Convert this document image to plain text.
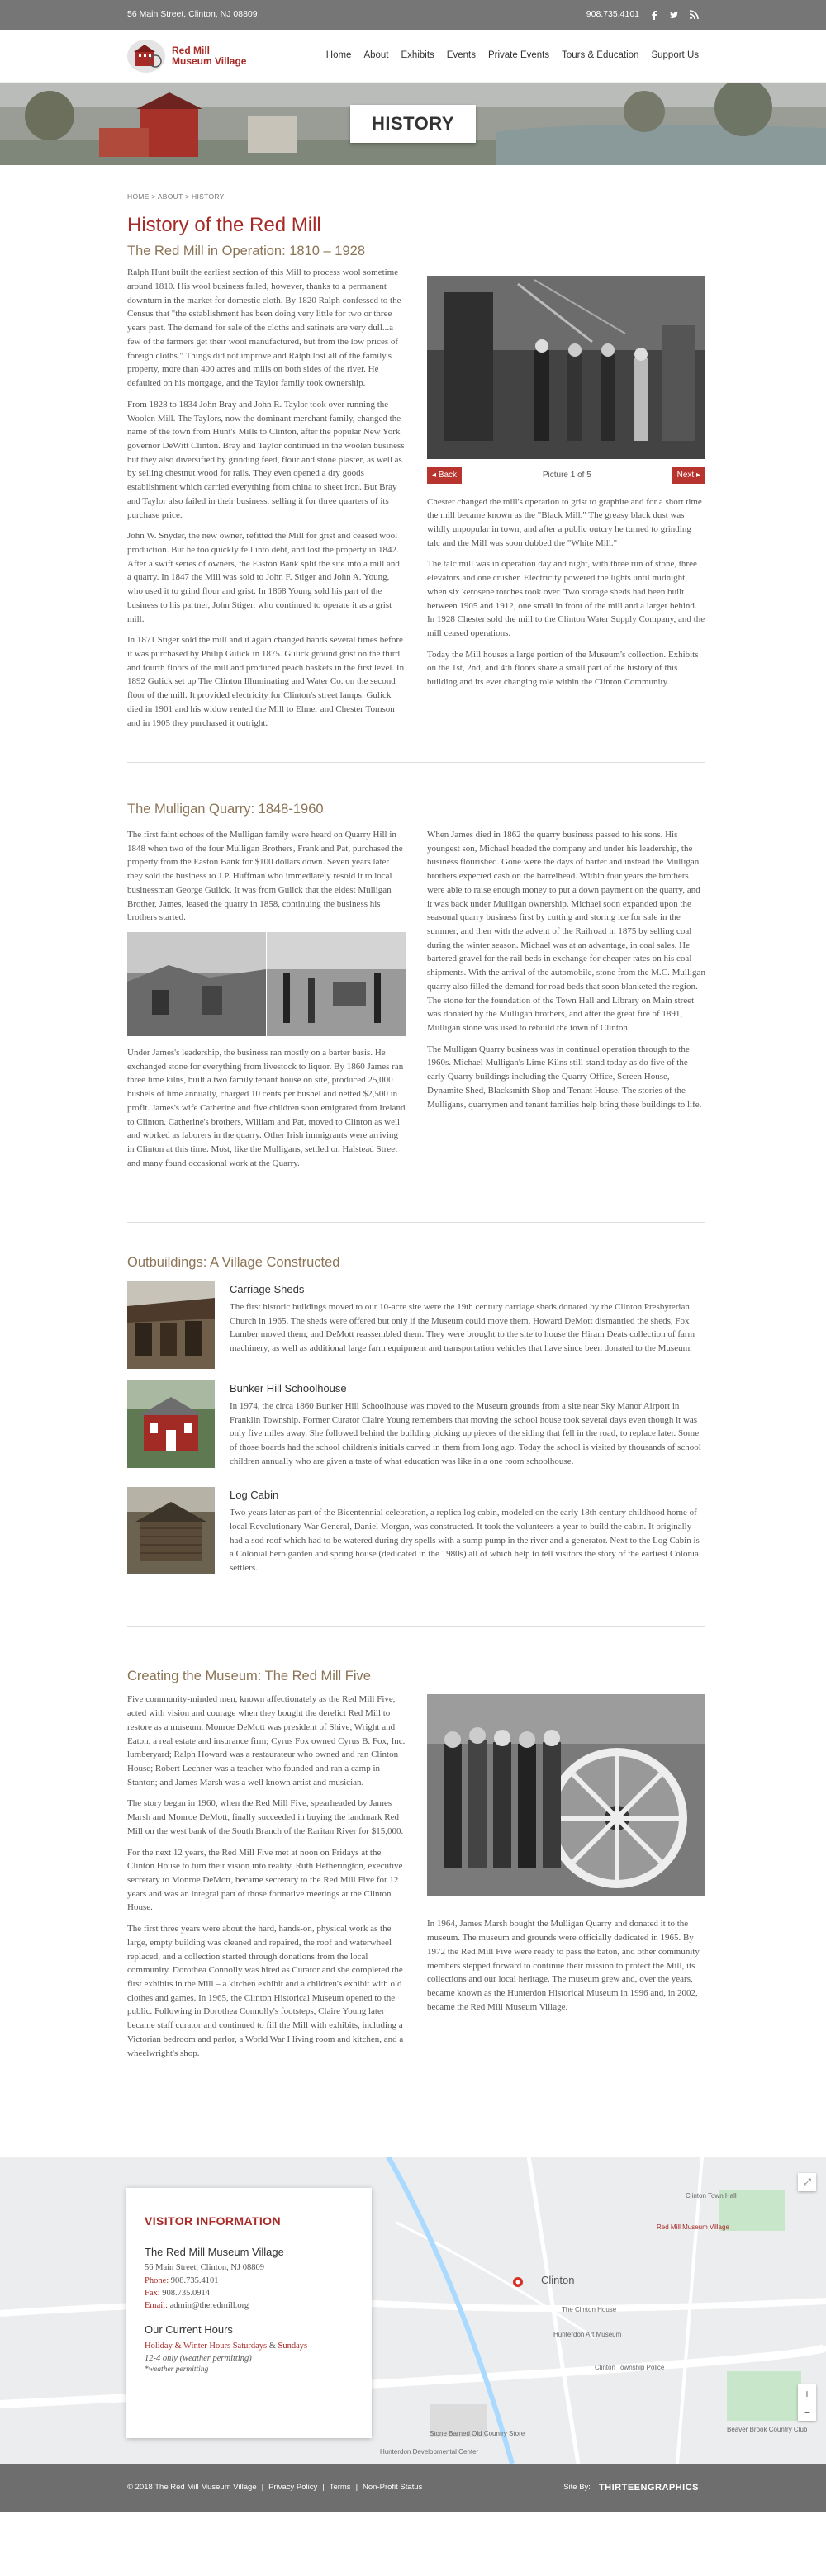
56 Main Street, Clinton, NJ 08809	908.735.4101
Red Mill
Museum Village	Home About Exhibits Events Private Events Tours & Education Support Us
HISTORY
HOME > ABOUT > HISTORY
History of the Red Mill
The Red Mill in Operation: 1810 – 1928

Ralph Hunt built the earliest section of this Mill to process wool sometime around 1810. His wool business failed, however, thanks to a permanent downturn in the market for domestic cloth. By 1820 Ralph confessed to the Census that "the establishment has been doing very little for two or three years past. The demand for sale of the cloths and satinets are very dull...a few of the farmers get their wool manufactured, but from the low prices of foreign cloths." Things did not improve and Ralph lost all of the family's property, more than 400 acres and mills on both sides of the river. He defaulted on his mortgage, and the Taylor family took ownership.

From 1828 to 1834 John Bray and John R. Taylor took over running the Woolen Mill. The Taylors, now the dominant merchant family, changed the name of the town from Hunt's Mills to Clinton, after the popular New York governor DeWitt Clinton. Bray and Taylor continued in the woolen business but they also diversified by grinding feed, flour and stone plaster, as well as by selling chestnut wood for rails. They even opened a dry goods establishment which carried everything from china to sheet iron. But Bray and Taylor also failed in their business, selling it for three quarters of its purchase price.

John W. Snyder, the new owner, refitted the Mill for grist and ceased wool production. But he too quickly fell into debt, and lost the property in 1842. After a swift series of owners, the Easton Bank split the site into a mill and a quarry. In 1847 the Mill was sold to John F. Stiger and John A. Young, who used it to grind flour and grist. In 1868 Young sold his part of the business to his partner, John Stiger, who continued to operate it as a grist mill.

In 1871 Stiger sold the mill and it again changed hands several times before it was purchased by Philip Gulick in 1875. Gulick ground grist on the third and fourth floors of the mill and produced peach baskets in the first level. In 1892 Gulick set up The Clinton Illuminating and Water Co. on the second floor of the mill. It provided electricity for Clinton's street lamps. Gulick died in 1901 and his widow rented the Mill to Elmer and Chester Tomson and in 1905 they purchased it outright.

◂ Back	Picture 1 of 5	Next ▸

Chester changed the mill's operation to grist to graphite and for a short time the mill became known as the "Black Mill." The greasy black dust was wildly unpopular in town, and after a public outcry he turned to grinding talc and the Mill was soon dubbed the "White Mill."

The talc mill was in operation day and night, with three run of stone, three elevators and one crusher. Electricity powered the lights until midnight, when six kerosene torches took over. Two storage sheds had been built between 1905 and 1912, one small in front of the mill and a larger behind. In 1928 Chester sold the mill to the Clinton Water Supply Company, and the mill ceased operations.

Today the Mill houses a large portion of the Museum's collection. Exhibits on the 1st, 2nd, and 4th floors share a small part of the history of this building and its ever changing role within the Clinton Community.

The Mulligan Quarry: 1848-1960

The first faint echoes of the Mulligan family were heard on Quarry Hill in 1848 when two of the four Mulligan Brothers, Frank and Pat, purchased the property from the Easton Bank for $100 dollars down. Seven years later they sold the business to J.P. Huffman who immediately resold it to local businessman George Gulick. It was from Gulick that the eldest Mulligan Brother, James, leased the quarry in 1858, continuing the business his brothers started.

Under James's leadership, the business ran mostly on a barter basis. He exchanged stone for everything from livestock to liquor. By 1860 James ran three lime kilns, built a two family tenant house on site, produced 25,000 bushels of lime annually, charged 10 cents per bushel and netted $2,500 in profit. James's wife Catherine and five children soon emigrated from Ireland to Clinton. Catherine's brothers, William and Pat, moved to Clinton as well and worked as laborers in the quarry. Other Irish immigrants were arriving in Clinton at this time. Most, like the Mulligans, settled on Halstead Street and many found occasional work at the Quarry.

When James died in 1862 the quarry business passed to his sons. His youngest son, Michael headed the company and under his leadership, the business flourished. Gone were the days of barter and instead the Mulligan brothers expected cash on the barrelhead. Within four years the brothers were able to raise enough money to put a down payment on the quarry, and it was back under Mulligan ownership. Michael soon expanded upon the seasonal quarry business first by cutting and storing ice for sale in the summer, and then with the advent of the Railroad in 1875 by selling coal during the winter season. Michael was at an advantage, in coal sales. He bartered gravel for the rail beds in exchange for cheaper rates on his coal shipments. With the arrival of the automobile, stone from the M.C. Mulligan quarry also filled the demand for road beds that soon blanketed the region. The stone for the foundation of the Town Hall and Library on Main street was donated by the Mulligan brothers, and after the great fire of 1891, Mulligan stone was used to rebuild the town of Clinton.

The Mulligan Quarry business was in continual operation through to the 1960s. Michael Mulligan's Lime Kilns still stand today as do five of the early Quarry buildings including the Quarry Office, Screen House, Dynamite Shed, Blacksmith Shop and Tenant House. The stories of the Mulligans, quarrymen and tenant families help bring these buildings to life.

Outbuildings: A Village Constructed
Carriage Sheds

The first historic buildings moved to our 10-acre site were the 19th century carriage sheds donated by the Clinton Presbyterian Church in 1965. The sheds were offered but only if the Museum could move them. Howard DeMott dismantled the sheds, Fox Lumber moved them, and DeMott reassembled them. They were brought to the site to house the Hiram Deats collection of farm machinery, as well as additional large farm equipment and transportation vehicles that have since been donated to the Museum.

Bunker Hill Schoolhouse

In 1974, the circa 1860 Bunker Hill Schoolhouse was moved to the Museum grounds from a site near Sky Manor Airport in Franklin Township. Former Curator Claire Young remembers that moving the school house took several days even though it was only five miles away. She followed behind the building picking up pieces of the siding that fell in the road, to replace later. Some of those boards had the school children's initials carved in them from long ago. Today the school is visited by thousands of school children annually who are given a taste of what education was like in a one room schoolhouse.

Log Cabin

Two years later as part of the Bicentennial celebration, a replica log cabin, modeled on the early 18th century childhood home of local Revolutionary War General, Daniel Morgan, was constructed. It took the volunteers a year to build the cabin. It originally had a sod roof which had to be watered during dry spells with a sump pump in the river and a generator. Next to the Log Cabin is a Colonial herb garden and spring house (dedicated in the 1980s) all of which help to tell visitors the story of the earliest Colonial settlers.

Creating the Museum: The Red Mill Five

Five community-minded men, known affectionately as the Red Mill Five, acted with vision and courage when they bought the derelict Red Mill to restore as a museum. Monroe DeMott was president of Shive, Wright and Eaton, a real estate and insurance firm; Cyrus Fox owned Cyrus B. Fox, Inc. lumberyard; Ralph Howard was a restaurateur who owned and ran Clinton House; Robert Lechner was a teacher who founded and ran a camp in Stanton; and James Marsh was a well known artist and musician.

The story began in 1960, when the Red Mill Five, spearheaded by James Marsh and Monroe DeMott, finally succeeded in buying the landmark Red Mill on the west bank of the South Branch of the Raritan River for $15,000.

For the next 12 years, the Red Mill Five met at noon on Fridays at the Clinton House to turn their vision into reality. Ruth Hetherington, executive secretary to Monroe DeMott, became secretary to the Red Mill Five for 12 years and was an integral part of those formative meetings at the Clinton House.

The first three years were about the hard, hands-on, physical work as the large, empty building was cleaned and repaired, the roof and waterwheel replaced, and a collection started through donations from the local community. Dorothea Connolly was hired as Curator and she completed the first exhibits in the Mill – a kitchen exhibit and a children's exhibit with old clothes and games. In 1965, the Clinton Historical Museum opened to the public. Following in Dorothea Connolly's footsteps, Claire Young later became staff curator and continued to fill the Mill with exhibits, including a Victorian bedroom and parlor, a World War I living room and kitchen, and a wheelwright's shop.

In 1964, James Marsh bought the Mulligan Quarry and donated it to the museum. The museum and grounds were officially dedicated in 1965. By 1972 the Red Mill Five were ready to pass the baton, and other community members stepped forward to continue their mission to protect the Mill, its collections and our local heritage. The museum grew and, over the years, became known as the Hunterdon Historical Museum in 1996 and, in 2002, became the Red Mill Museum Village.

Clinton
Clinton Town Hall
Red Mill Museum Village
The Clinton House
Hunterdon Art Museum
Clinton Township Police
Beaver Brook Country Club
Hunterdon Developmental Center
Stone Barned Old Country Store
⤢
+
−
VISITOR INFORMATION
The Red Mill Museum Village
56 Main Street, Clinton, NJ 08809
Phone: 908.735.4101
Fax: 908.735.0914
Email: admin@theredmill.org
Our Current Hours
Holiday & Winter Hours Saturdays & Sundays
12-4 only (weather permitting)
*weather permitting
© 2018 The Red Mill Museum Village | Privacy Policy | Terms | Non-Profit Status	Site By: THIRTEENGRAPHICS
